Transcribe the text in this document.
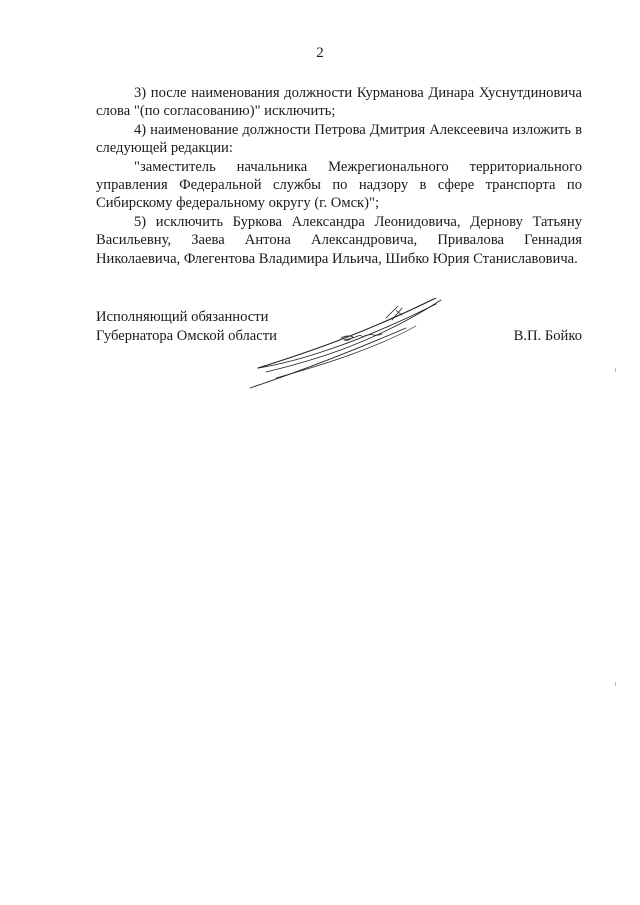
2

3) после наименования должности Курманова Динара Хуснутдиновича слова "(по согласованию)" исключить;

4) наименование должности Петрова Дмитрия Алексеевича изложить в следующей редакции:

"заместитель начальника Межрегионального территориального управления Федеральной службы по надзору в сфере транспорта по Сибирскому федеральному округу (г. Омск)";

5) исключить Буркова Александра Леонидовича, Дернову Татьяну Васильевну, Заева Антона Александровича, Привалова Геннадия Николаевича, Флегентова Владимира Ильича, Шибко Юрия Станиславовича.

Исполняющий обязанности
Губернатора Омской области	В.П. Бойко
